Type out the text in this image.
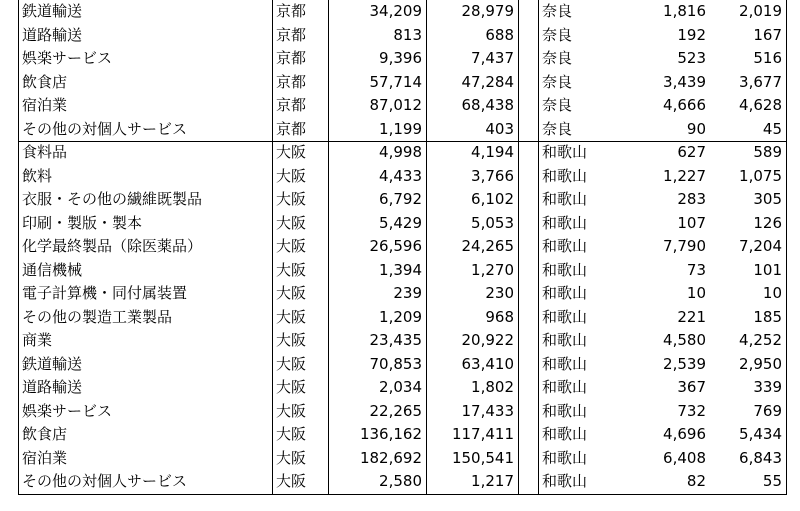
鉄道輸送	京都	34,209	28,979 奈良	1,816	2,019
道路輸送	京都	813	688 奈良	192	167
娯楽サービス	京都	9,396	7,437 奈良	523	516
飲食店	京都	57,714	47,284 奈良	3,439	3,677
宿泊業	京都	87,012	68,438 奈良	4,666	4,628
その他の対個人サービス	京都	1,199	403 奈良	90	45
食料品	大阪	4,998	4,194 和歌山	627	589
飲料	大阪	4,433	3,766 和歌山	1,227	1,075
衣服・その他の繊維既製品	大阪	6,792	6,102 和歌山	283	305
印刷・製版・製本	大阪	5,429	5,053 和歌山	107	126
化学最終製品（除医薬品）	大阪	26,596	24,265 和歌山	7,790	7,204
通信機械	大阪	1,394	1,270 和歌山	73	101
電子計算機・同付属装置	大阪	239	230 和歌山	10	10
その他の製造工業製品	大阪	1,209	968 和歌山	221	185
商業	大阪	23,435	20,922 和歌山	4,580	4,252
鉄道輸送	大阪	70,853	63,410 和歌山	2,539	2,950
道路輸送	大阪	2,034	1,802 和歌山	367	339
娯楽サービス	大阪	22,265	17,433 和歌山	732	769
飲食店	大阪	136,162	117,411 和歌山	4,696	5,434
宿泊業	大阪	182,692	150,541 和歌山	6,408	6,843
その他の対個人サービス	大阪	2,580	1,217 和歌山	82	55
